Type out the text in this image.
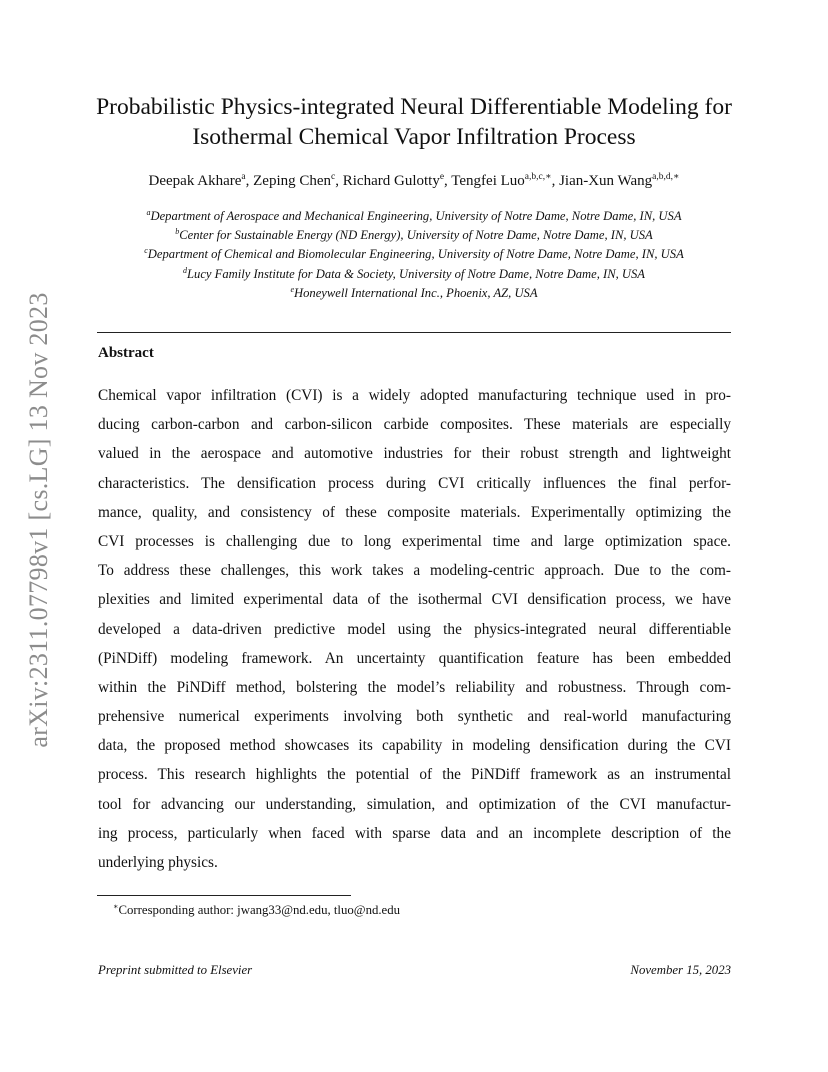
arXiv:2311.07798v1 [cs.LG] 13 Nov 2023
Probabilistic Physics-integrated Neural Differentiable Modeling for
Isothermal Chemical Vapor Infiltration Process
Deepak Akhare$^a$, Zeping Chen$^c$, Richard Gulotty$^e$, Tengfei Luo$^{a,b,c,∗}$, Jian-Xun Wang$^{a,b,d,∗}$
$^a$Department of Aerospace and Mechanical Engineering, University of Notre Dame, Notre Dame, IN, USA
$^b$Center for Sustainable Energy (ND Energy), University of Notre Dame, Notre Dame, IN, USA
$^c$Department of Chemical and Biomolecular Engineering, University of Notre Dame, Notre Dame, IN, USA
$^d$Lucy Family Institute for Data & Society, University of Notre Dame, Notre Dame, IN, USA
$^e$Honeywell International Inc., Phoenix, AZ, USA
Abstract
Chemical vapor infiltration (CVI) is a widely adopted manufacturing technique used in pro-
ducing carbon-carbon and carbon-silicon carbide composites. These materials are especially
valued in the aerospace and automotive industries for their robust strength and lightweight
characteristics. The densification process during CVI critically influences the final perfor-
mance, quality, and consistency of these composite materials. Experimentally optimizing the
CVI processes is challenging due to long experimental time and large optimization space.
To address these challenges, this work takes a modeling-centric approach. Due to the com-
plexities and limited experimental data of the isothermal CVI densification process, we have
developed a data-driven predictive model using the physics-integrated neural differentiable
(PiNDiff) modeling framework. An uncertainty quantification feature has been embedded
within the PiNDiff method, bolstering the model’s reliability and robustness. Through com-
prehensive numerical experiments involving both synthetic and real-world manufacturing
data, the proposed method showcases its capability in modeling densification during the CVI
process. This research highlights the potential of the PiNDiff framework as an instrumental
tool for advancing our understanding, simulation, and optimization of the CVI manufactur-
ing process, particularly when faced with sparse data and an incomplete description of the
underlying physics.
∗Corresponding author: jwang33@nd.edu, tluo@nd.edu
Preprint submitted to Elsevier	November 15, 2023
